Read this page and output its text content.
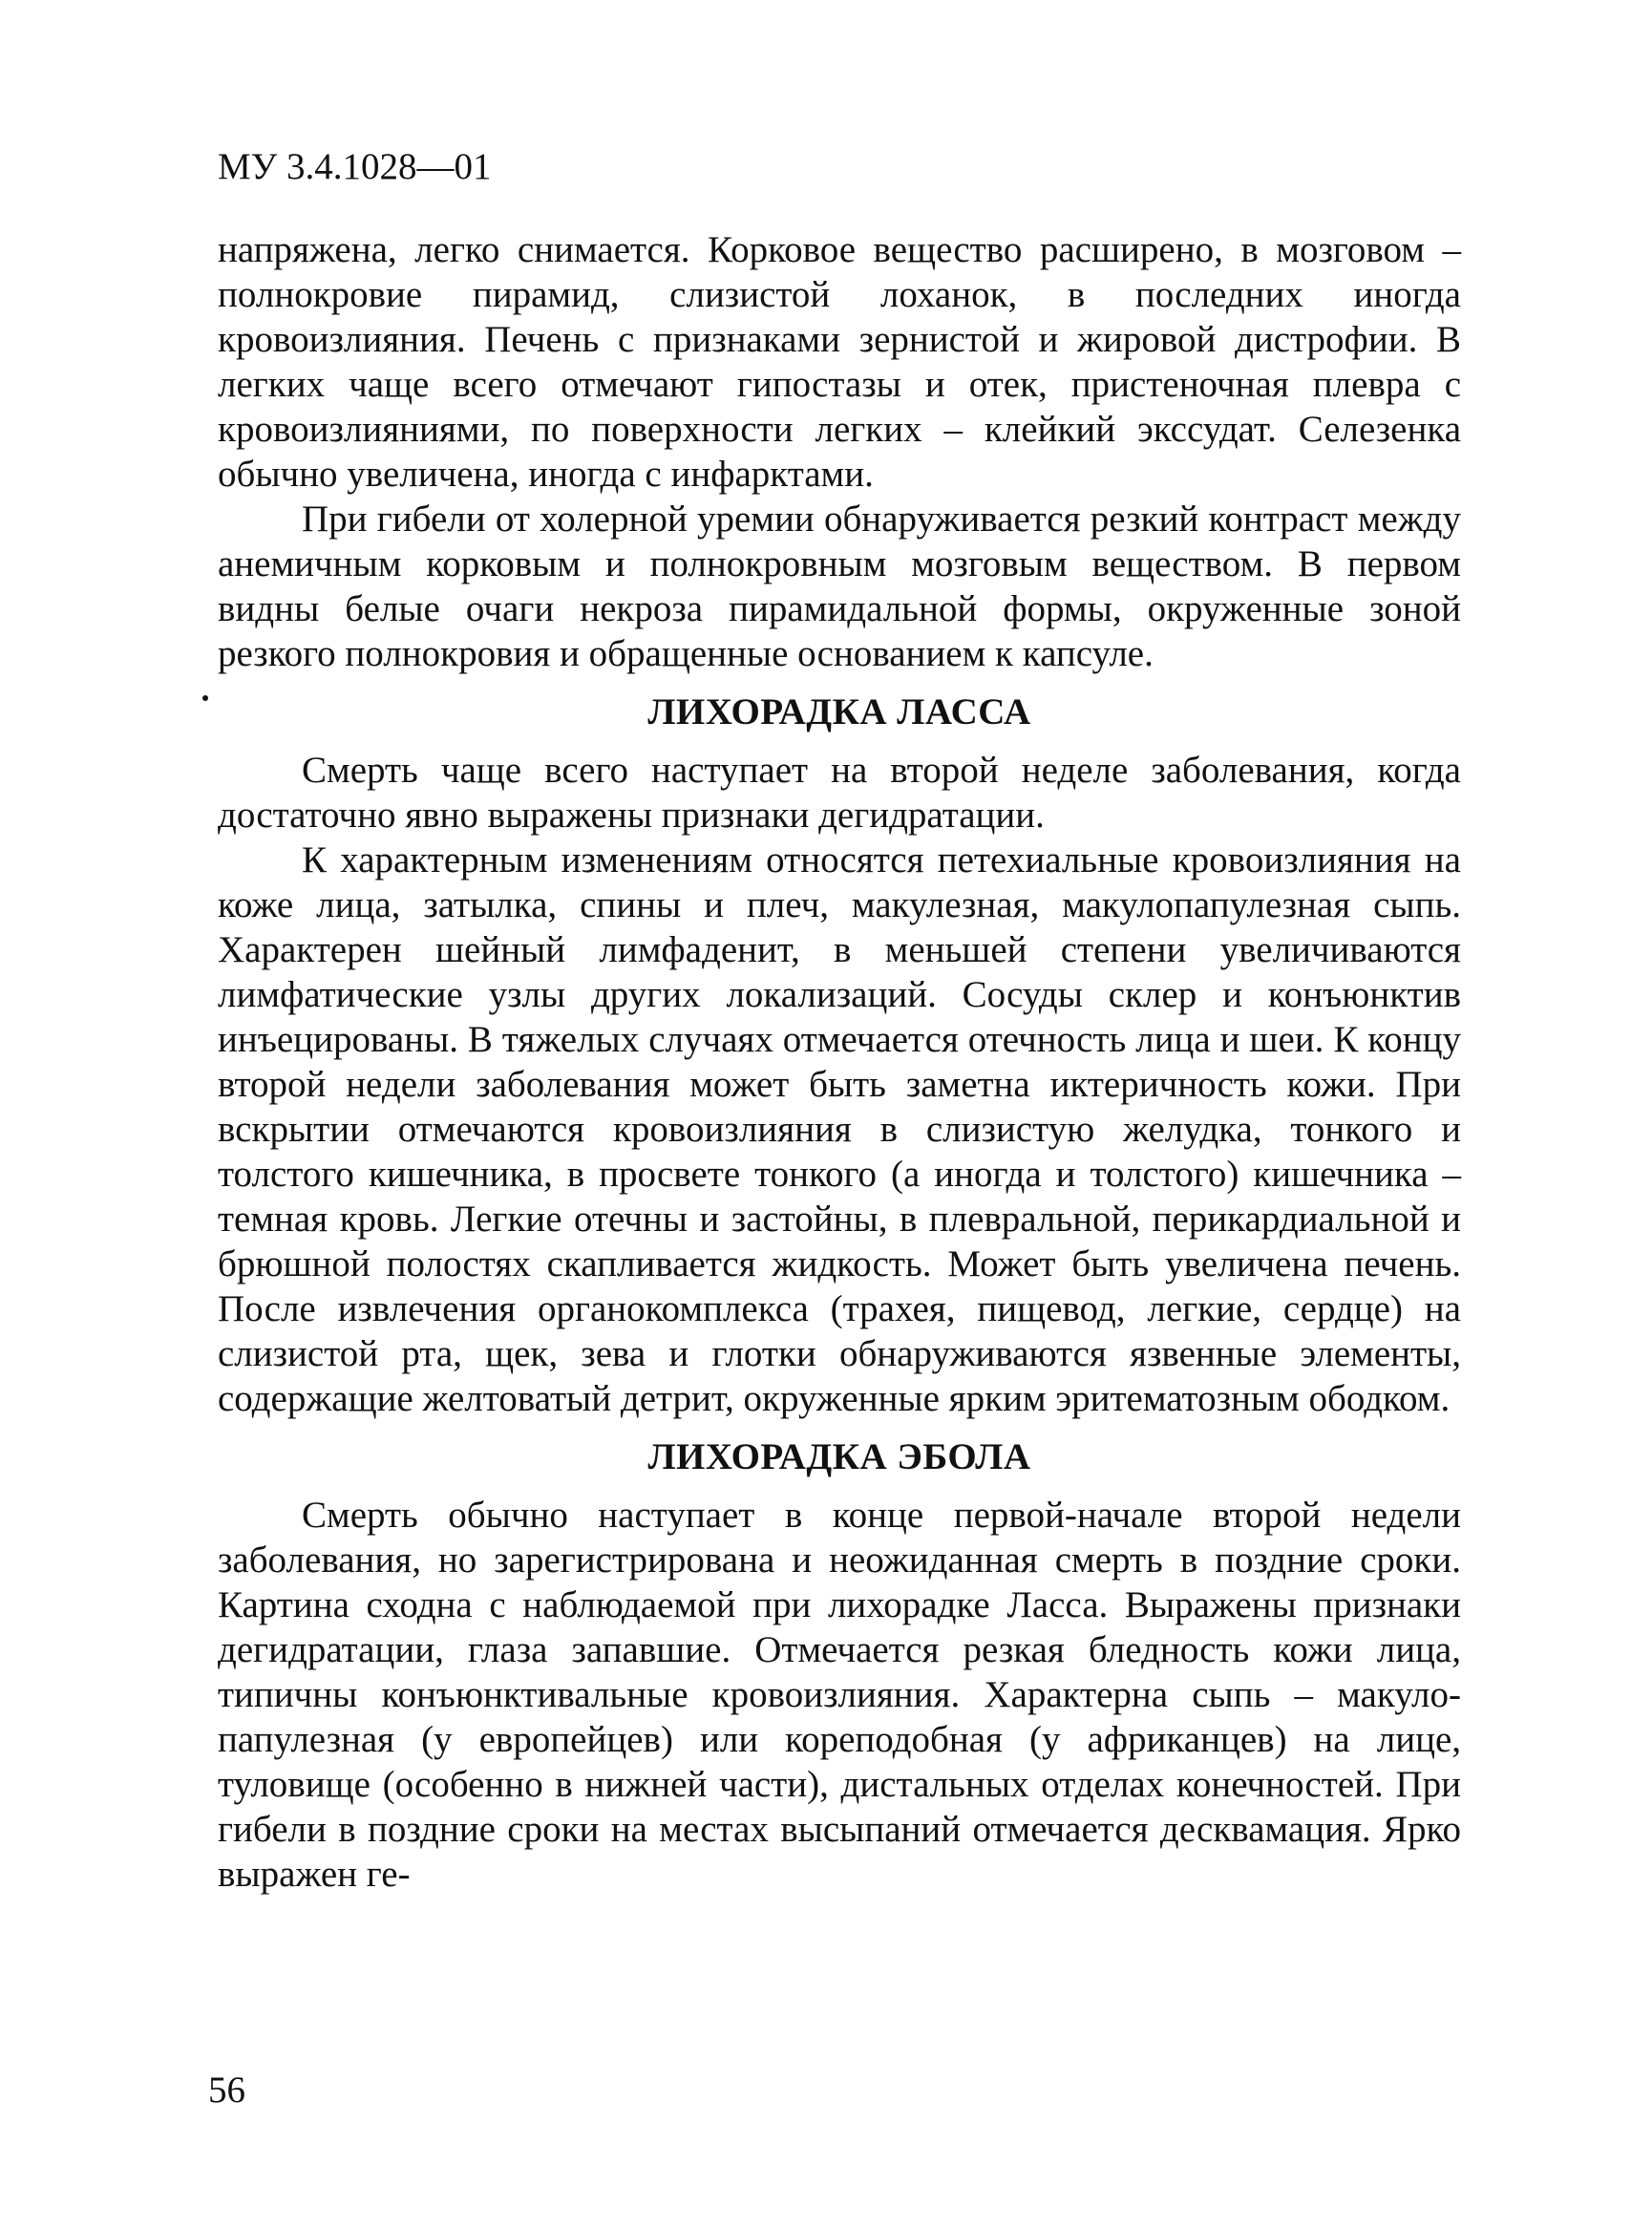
МУ 3.4.1028—01

напряжена, легко снимается. Корковое вещество расширено, в мозговом – полнокровие пирамид, слизистой лоханок, в последних иногда кровоизлияния. Печень с признаками зернистой и жировой дистрофии. В легких чаще всего отмечают гипостазы и отек, пристеночная плевра с кровоизлияниями, по поверхности легких – клейкий экссудат. Селезенка обычно увеличена, иногда с инфарктами.

При гибели от холерной уремии обнаруживается резкий контраст между анемичным корковым и полнокровным мозговым веществом. В первом видны белые очаги некроза пирамидальной формы, окруженные зоной резкого полнокровия и обращенные основанием к капсуле.

ЛИХОРАДКА ЛАССА

Смерть чаще всего наступает на второй неделе заболевания, когда достаточно явно выражены признаки дегидратации.

К характерным изменениям относятся петехиальные кровоизлияния на коже лица, затылка, спины и плеч, макулезная, макулопапулезная сыпь. Характерен шейный лимфаденит, в меньшей степени увеличиваются лимфатические узлы других локализаций. Сосуды склер и конъюнктив инъецированы. В тяжелых случаях отмечается отечность лица и шеи. К концу второй недели заболевания может быть заметна иктеричность кожи. При вскрытии отмечаются кровоизлияния в слизистую желудка, тонкого и толстого кишечника, в просвете тонкого (а иногда и толстого) кишечника – темная кровь. Легкие отечны и застойны, в плевральной, перикардиальной и брюшной полостях скапливается жидкость. Может быть увеличена печень. После извлечения органокомплекса (трахея, пищевод, легкие, сердце) на слизистой рта, щек, зева и глотки обнаруживаются язвенные элементы, содержащие желтоватый детрит, окруженные ярким эритематозным ободком.

ЛИХОРАДКА ЭБОЛА

Смерть обычно наступает в конце первой-начале второй недели заболевания, но зарегистрирована и неожиданная смерть в поздние сроки. Картина сходна с наблюдаемой при лихорадке Ласса. Выражены признаки дегидратации, глаза запавшие. Отмечается резкая бледность кожи лица, типичны конъюнктивальные кровоизлияния. Характерна сыпь – макуло-папулезная (у европейцев) или корeподобная (у африканцев) на лице, туловище (особенно в нижней части), дистальных отделах конечностей. При гибели в поздние сроки на местах высыпаний отмечается десквамация. Ярко выражен ге-

56
